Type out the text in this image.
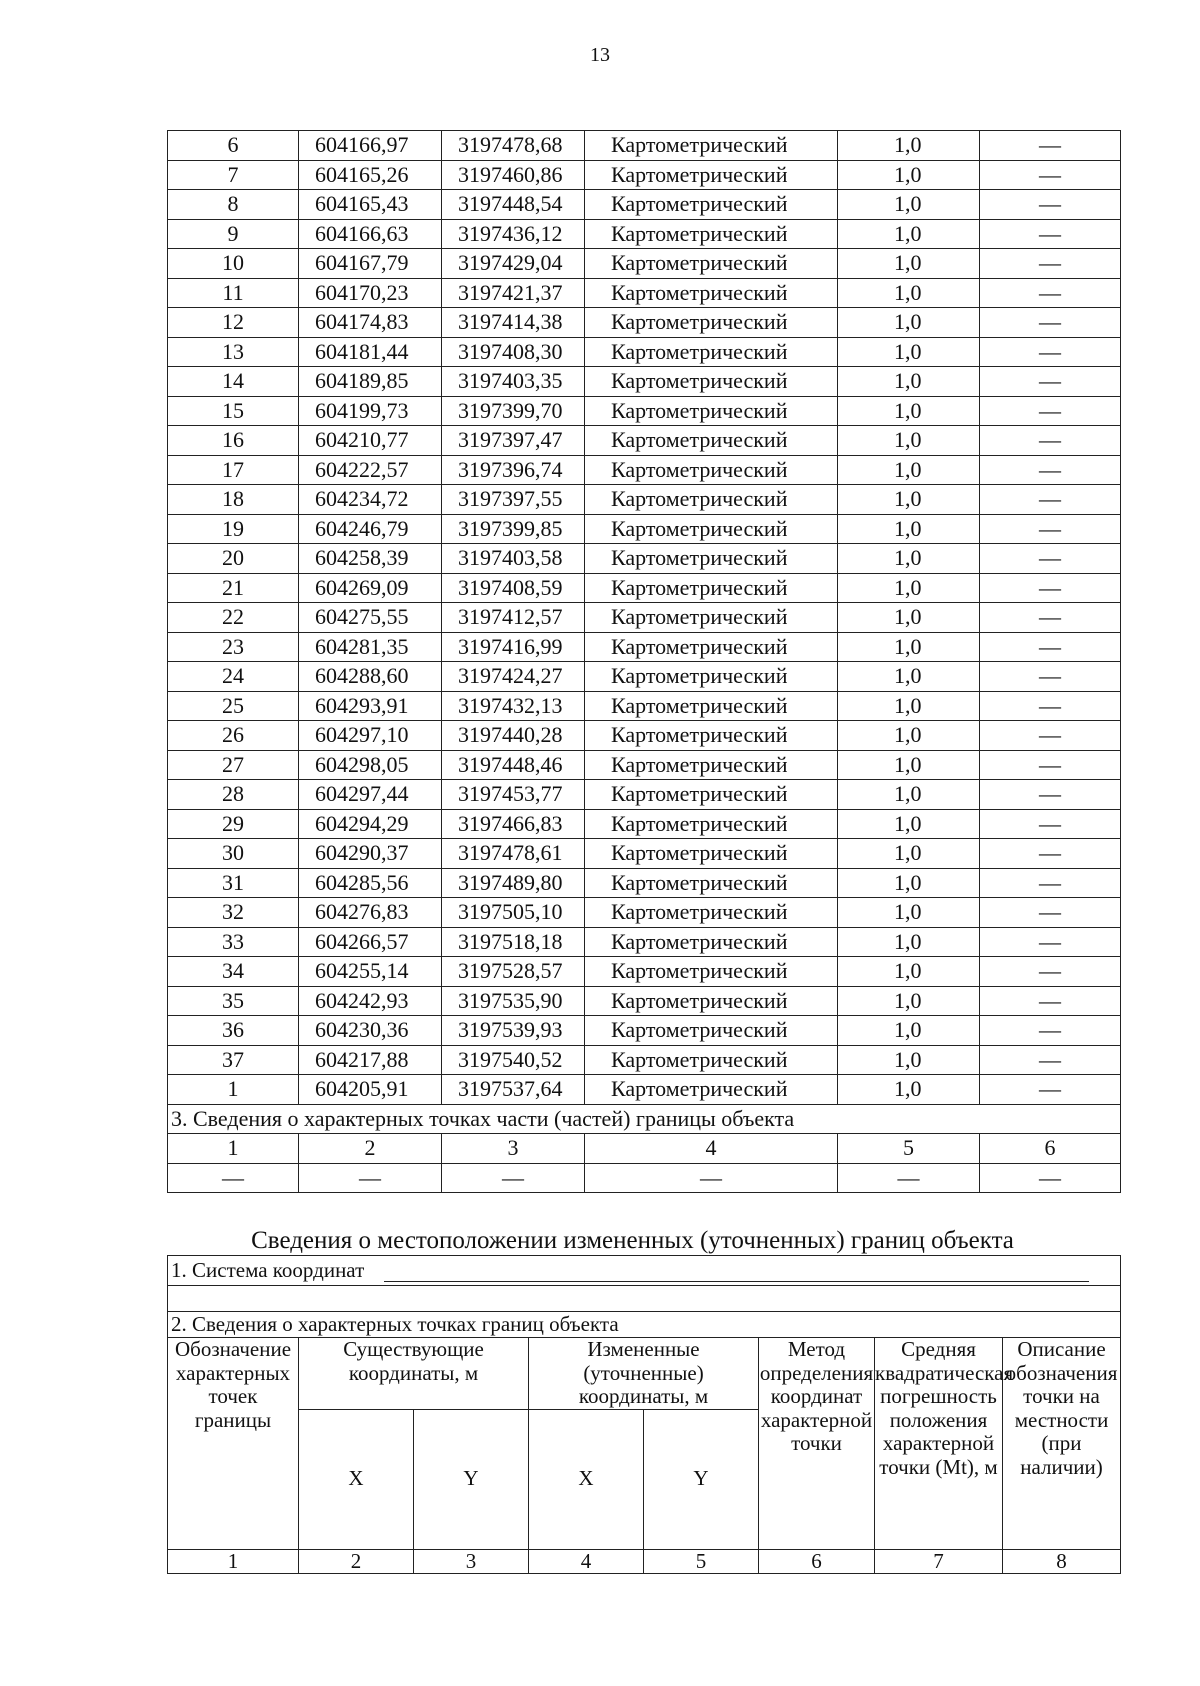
13
6	604166,97	3197478,68	Картометрический	1,0	—
7	604165,26	3197460,86	Картометрический	1,0	—
8	604165,43	3197448,54	Картометрический	1,0	—
9	604166,63	3197436,12	Картометрический	1,0	—
10	604167,79	3197429,04	Картометрический	1,0	—
11	604170,23	3197421,37	Картометрический	1,0	—
12	604174,83	3197414,38	Картометрический	1,0	—
13	604181,44	3197408,30	Картометрический	1,0	—
14	604189,85	3197403,35	Картометрический	1,0	—
15	604199,73	3197399,70	Картометрический	1,0	—
16	604210,77	3197397,47	Картометрический	1,0	—
17	604222,57	3197396,74	Картометрический	1,0	—
18	604234,72	3197397,55	Картометрический	1,0	—
19	604246,79	3197399,85	Картометрический	1,0	—
20	604258,39	3197403,58	Картометрический	1,0	—
21	604269,09	3197408,59	Картометрический	1,0	—
22	604275,55	3197412,57	Картометрический	1,0	—
23	604281,35	3197416,99	Картометрический	1,0	—
24	604288,60	3197424,27	Картометрический	1,0	—
25	604293,91	3197432,13	Картометрический	1,0	—
26	604297,10	3197440,28	Картометрический	1,0	—
27	604298,05	3197448,46	Картометрический	1,0	—
28	604297,44	3197453,77	Картометрический	1,0	—
29	604294,29	3197466,83	Картометрический	1,0	—
30	604290,37	3197478,61	Картометрический	1,0	—
31	604285,56	3197489,80	Картометрический	1,0	—
32	604276,83	3197505,10	Картометрический	1,0	—
33	604266,57	3197518,18	Картометрический	1,0	—
34	604255,14	3197528,57	Картометрический	1,0	—
35	604242,93	3197535,90	Картометрический	1,0	—
36	604230,36	3197539,93	Картометрический	1,0	—
37	604217,88	3197540,52	Картометрический	1,0	—
1	604205,91	3197537,64	Картометрический	1,0	—
3. Сведения о характерных точках части (частей) границы объекта					
1	2	3	4	5	6
—	—	—	—	—	—
Сведения о местоположении измененных (уточненных) границ объекта
1. Система координат							

2. Сведения о характерных точках границ объекта							
Обозначение характерных точек границы	Существующие координаты, м		Измененные (уточненные) координаты, м		Метод определения координат характерной точки	Средняя квадратическая погрешность положения характерной точки (Mt), м	Описание обозначения точки на местности (при наличии)
	X	Y	X	Y			
1	2	3	4	5	6	7	8
